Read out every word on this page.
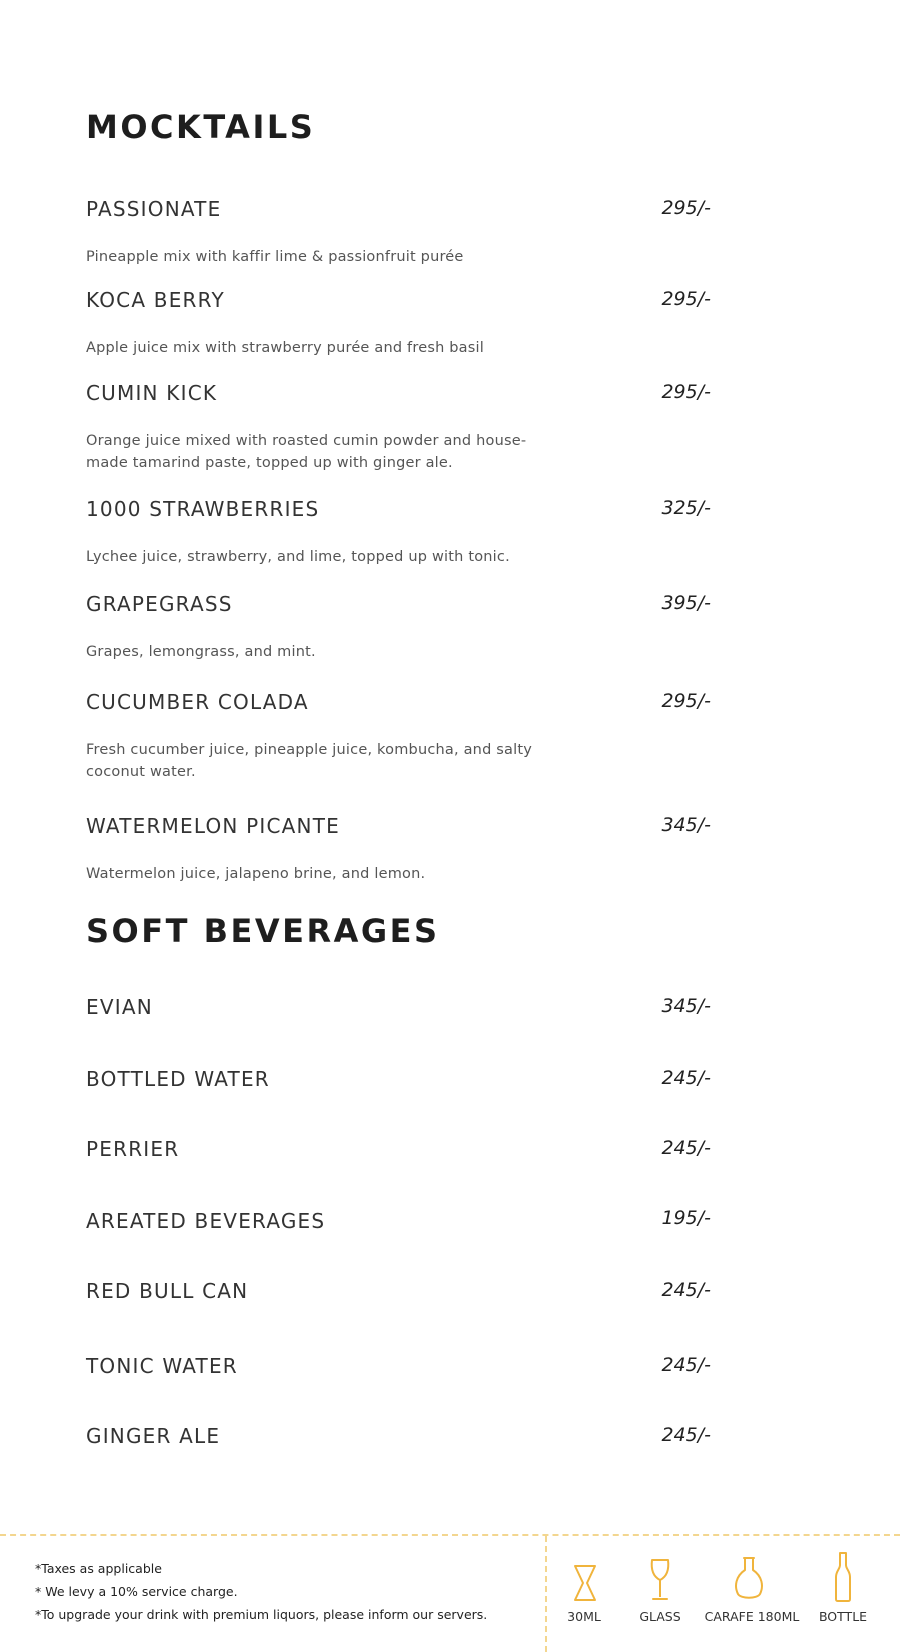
MOCKTAILS
PASSIONATE	295/-
Pineapple mix with kaffir lime & passionfruit purée
KOCA BERRY	295/-
Apple juice mix with strawberry purée and fresh basil
CUMIN KICK	295/-
Orange juice mixed with roasted cumin powder and house-made tamarind paste, topped up with ginger ale.
1000 STRAWBERRIES	325/-
Lychee juice, strawberry, and lime, topped up with tonic.
GRAPEGRASS	395/-
Grapes, lemongrass, and mint.
CUCUMBER COLADA	295/-
Fresh cucumber juice, pineapple juice, kombucha, and salty coconut water.
WATERMELON PICANTE	345/-
Watermelon juice, jalapeno brine, and lemon.
SOFT BEVERAGES
EVIAN	345/-
BOTTLED WATER	245/-
PERRIER	245/-
AREATED BEVERAGES	195/-
RED BULL CAN	245/-
TONIC WATER	245/-
GINGER ALE	245/-
*Taxes as applicable
* We levy a 10% service charge.
*To upgrade your drink with premium liquors, please inform our servers.	30ML	GLASS CARAFE 180ML BOTTLE
